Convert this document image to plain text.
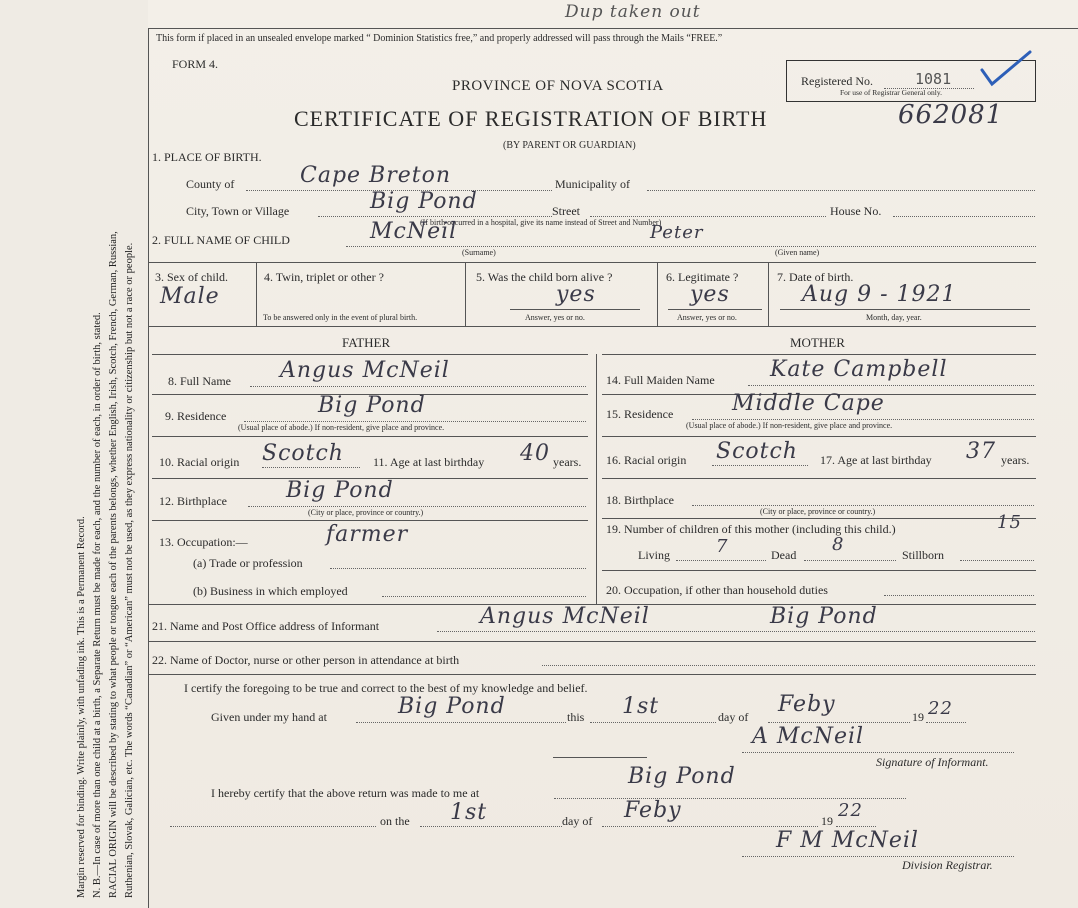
Margin reserved for binding. Write plainly, with unfading ink. This is a Permanent Record. N. B.—In case of more than one child at a birth, a Separate Return must be made for each, and the number of each, in order of birth, stated. RACIAL ORIGIN will be described by stating to what people or tongue each of the parents belongs, whether English, Irish, Scotch, French, German, Russian, Ruthenian, Slovak, Galician, etc. The words “Canadian” or “American” must not be used, as they express nationality or citizenship but not a race or people.
This form if placed in an unsealed envelope marked “ Dominion Statistics free,” and properly addressed will pass through the Mails “FREE.”
Dup taken out
FORM 4.
PROVINCE OF NOVA SCOTIA
CERTIFICATE OF REGISTRATION OF BIRTH	662081
(BY PARENT OR GUARDIAN)
Registered No.	1081
For use of Registrar General only.
1. PLACE OF BIRTH.
County of	Cape Breton	Municipality of
City, Town or Village	Big Pond	Street	House No.
(If birth occurred in a hospital, give its name instead of Street and Number)
2. FULL NAME OF CHILD	McNeil	Peter
(Surname)	(Given name)
3. Sex of child.
Male
4. Twin, triplet or other ?
To be answered only in the event of plural birth.
5. Was the child born alive ?
yes
Answer, yes or no.
6. Legitimate ?
yes
Answer, yes or no.
7. Date of birth.
Aug 9 - 1921
Month, day, year.
FATHER	MOTHER
8. Full Name Angus McNeil
9. Residence	Big Pond
(Usual place of abode.) If non-resident, give place and province.
10. Racial origin Scotch 11. Age at last birthday 40 years.
12. Birthplace	Big Pond
(City or place, province or country.)
13. Occupation:—	farmer
(a) Trade or profession
(b) Business in which employed
14. Full Maiden Name	Kate Campbell
15. Residence	Middle Cape
(Usual place of abode.) If non-resident, give place and province.
16. Racial origin Scotch 17. Age at last birthday 37 years.
18. Birthplace
(City or place, province or country.)
19. Number of children of this mother (including this child.)	15
Living	7	Dead 8	Stillborn
20. Occupation, if other than household duties
21. Name and Post Office address of Informant	Angus McNeil	Big Pond
22. Name of Doctor, nurse or other person in attendance at birth
I certify the foregoing to be true and correct to the best of my knowledge and belief.
Given under my hand at	Big Pond	this 1st	day of Feby	19 22
A McNeil
Signature of Informant.
I hereby certify that the above return was made to me at
Big Pond
on the 1st	day of Feby	19 22
F M McNeil
Division Registrar.
